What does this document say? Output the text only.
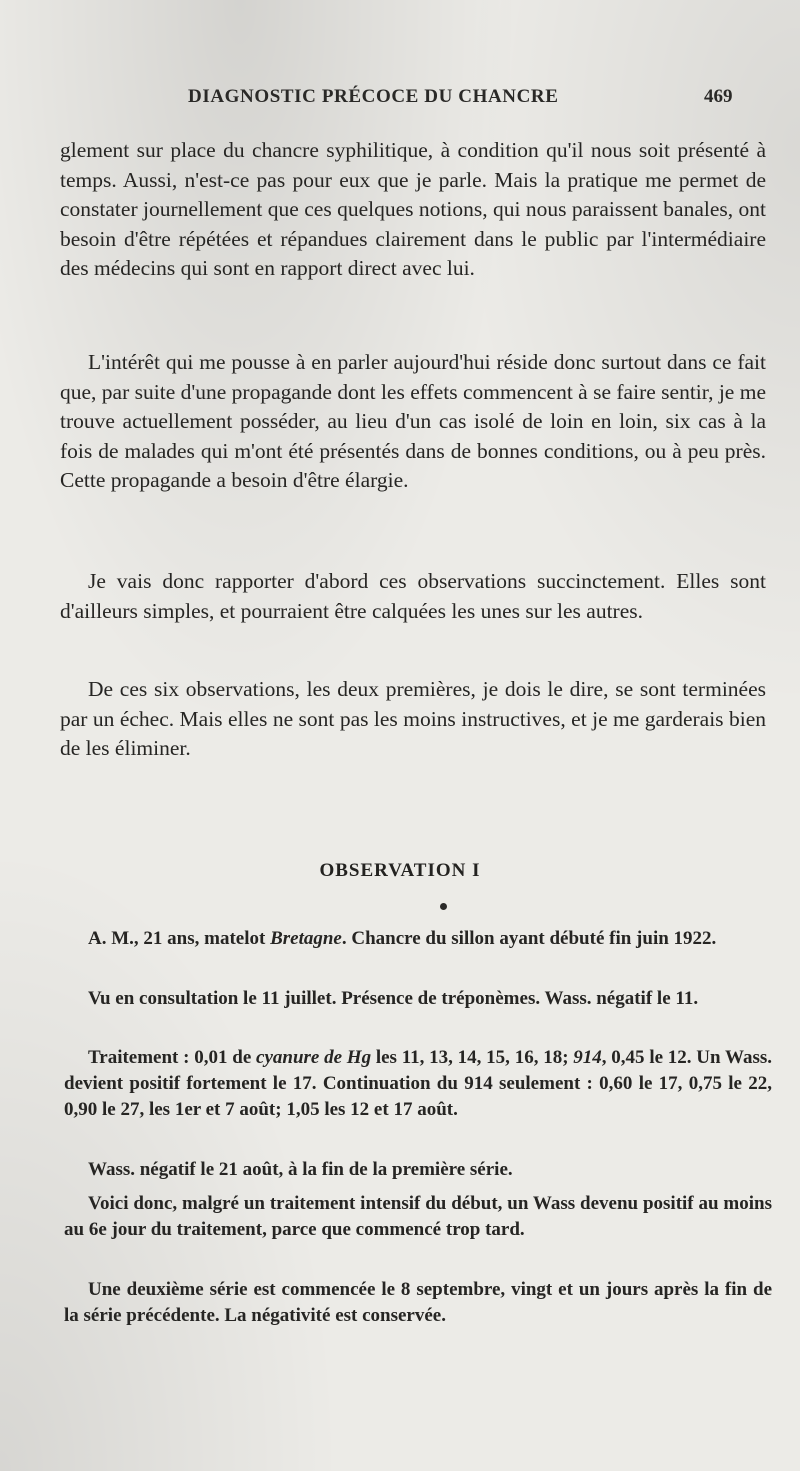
DIAGNOSTIC PRÉCOCE DU CHANCRE	469

glement sur place du chancre syphilitique, à condition qu'il nous soit présenté à temps. Aussi, n'est-ce pas pour eux que je parle. Mais la pratique me permet de constater journellement que ces quelques notions, qui nous paraissent banales, ont besoin d'être répétées et répandues clairement dans le public par l'intermédiaire des médecins qui sont en rapport direct avec lui.

L'intérêt qui me pousse à en parler aujourd'hui réside donc surtout dans ce fait que, par suite d'une propagande dont les effets commencent à se faire sentir, je me trouve actuellement posséder, au lieu d'un cas isolé de loin en loin, six cas à la fois de malades qui m'ont été présentés dans de bonnes conditions, ou à peu près. Cette propagande a besoin d'être élargie.

Je vais donc rapporter d'abord ces observations succinctement. Elles sont d'ailleurs simples, et pourraient être calquées les unes sur les autres.

De ces six observations, les deux premières, je dois le dire, se sont terminées par un échec. Mais elles ne sont pas les moins instructives, et je me garderais bien de les éliminer.

OBSERVATION I

A. M., 21 ans, matelot Bretagne. Chancre du sillon ayant débuté fin juin 1922.

Vu en consultation le 11 juillet. Présence de tréponèmes. Wass. négatif le 11.

Traitement : 0,01 de cyanure de Hg les 11, 13, 14, 15, 16, 18; 914, 0,45 le 12. Un Wass. devient positif fortement le 17. Continuation du 914 seulement : 0,60 le 17, 0,75 le 22, 0,90 le 27, les 1er et 7 août; 1,05 les 12 et 17 août.

Wass. négatif le 21 août, à la fin de la première série.

Voici donc, malgré un traitement intensif du début, un Wass devenu positif au moins au 6e jour du traitement, parce que commencé trop tard.

Une deuxième série est commencée le 8 septembre, vingt et un jours après la fin de la série précédente. La négativité est conservée.
